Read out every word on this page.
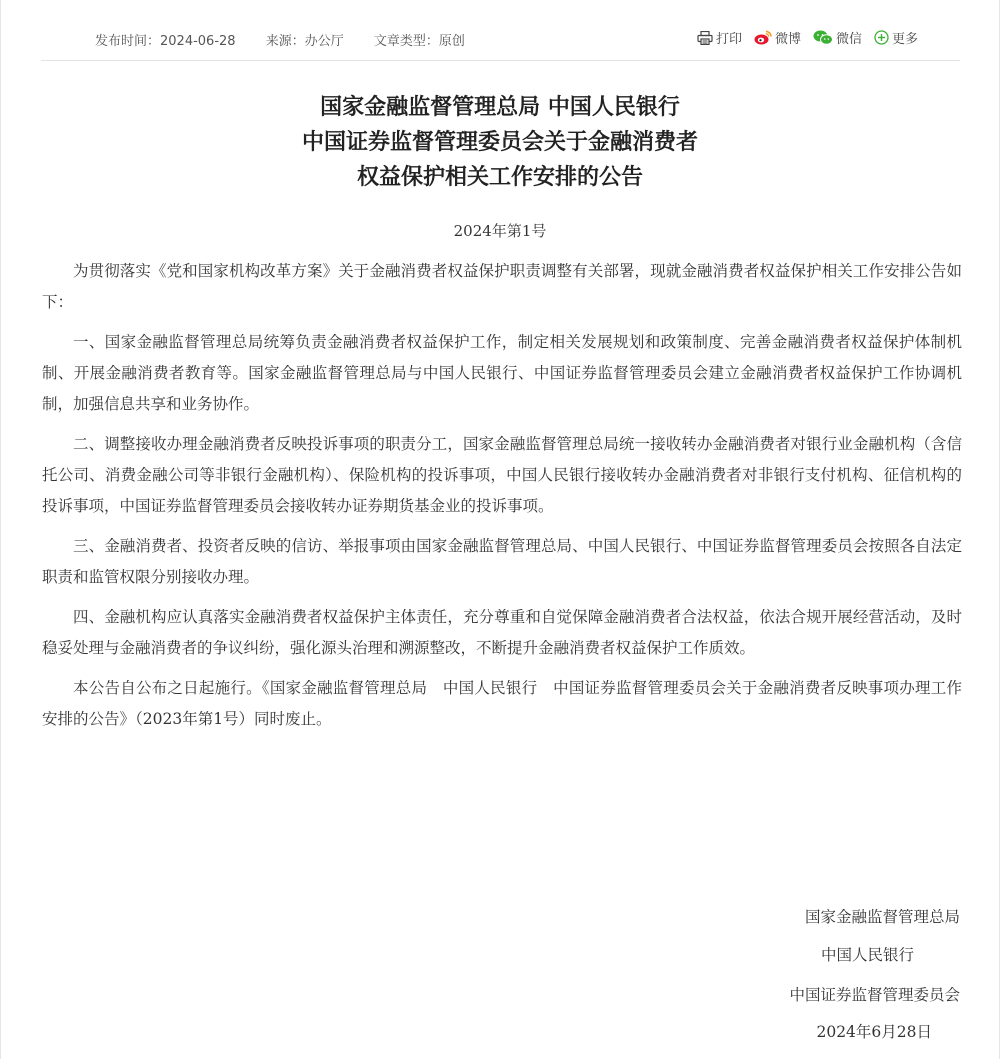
发布时间：2024-06-28 来源：办公厅 文章类型：原创	打印	微博	微信 更多
国家金融监督管理总局 中国人民银行
中国证券监督管理委员会关于金融消费者
权益保护相关工作安排的公告
2024年第1号

为贯彻落实《党和国家机构改革方案》关于金融消费者权益保护职责调整有关部署，现就金融消费者权益保护相关工作安排公告如下：

一、国家金融监督管理总局统筹负责金融消费者权益保护工作，制定相关发展规划和政策制度、完善金融消费者权益保护体制机制、开展金融消费者教育等。国家金融监督管理总局与中国人民银行、中国证券监督管理委员会建立金融消费者权益保护工作协调机制，加强信息共享和业务协作。

二、调整接收办理金融消费者反映投诉事项的职责分工，国家金融监督管理总局统一接收转办金融消费者对银行业金融机构（含信托公司、消费金融公司等非银行金融机构）、保险机构的投诉事项，中国人民银行接收转办金融消费者对非银行支付机构、征信机构的投诉事项，中国证券监督管理委员会接收转办证券期货基金业的投诉事项。

三、金融消费者、投资者反映的信访、举报事项由国家金融监督管理总局、中国人民银行、中国证券监督管理委员会按照各自法定职责和监管权限分别接收办理。

四、金融机构应认真落实金融消费者权益保护主体责任，充分尊重和自觉保障金融消费者合法权益，依法合规开展经营活动，及时稳妥处理与金融消费者的争议纠纷，强化源头治理和溯源整改，不断提升金融消费者权益保护工作质效。

本公告自公布之日起施行。《国家金融监督管理总局　中国人民银行　中国证券监督管理委员会关于金融消费者反映事项办理工作安排的公告》（2023年第1号）同时废止。

国家金融监督管理总局
中国人民银行
中国证券监督管理委员会
2024年6月28日
